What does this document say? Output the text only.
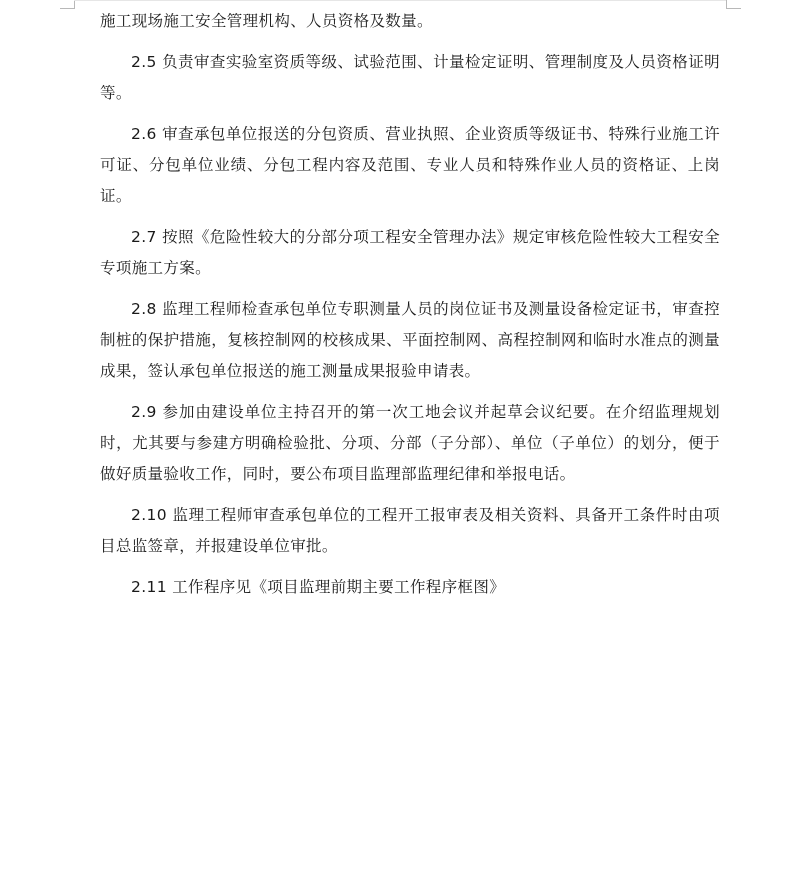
施工现场施工安全管理机构、人员资格及数量。

2.5 负责审查实验室资质等级、试验范围、计量检定证明、管理制度及人员资格证明等。

2.6 审查承包单位报送的分包资质、营业执照、企业资质等级证书、特殊行业施工许可证、分包单位业绩、分包工程内容及范围、专业人员和特殊作业人员的资格证、上岗证。

2.7 按照《危险性较大的分部分项工程安全管理办法》规定审核危险性较大工程安全专项施工方案。

2.8 监理工程师检查承包单位专职测量人员的岗位证书及测量设备检定证书，审查控制桩的保护措施，复核控制网的校核成果、平面控制网、高程控制网和临时水准点的测量成果，签认承包单位报送的施工测量成果报验申请表。

2.9 参加由建设单位主持召开的第一次工地会议并起草会议纪要。在介绍监理规划时，尤其要与参建方明确检验批、分项、分部（子分部）、单位（子单位）的划分，便于做好质量验收工作，同时，要公布项目监理部监理纪律和举报电话。

2.10 监理工程师审查承包单位的工程开工报审表及相关资料、具备开工条件时由项目总监签章，并报建设单位审批。

2.11 工作程序见《项目监理前期主要工作程序框图》
